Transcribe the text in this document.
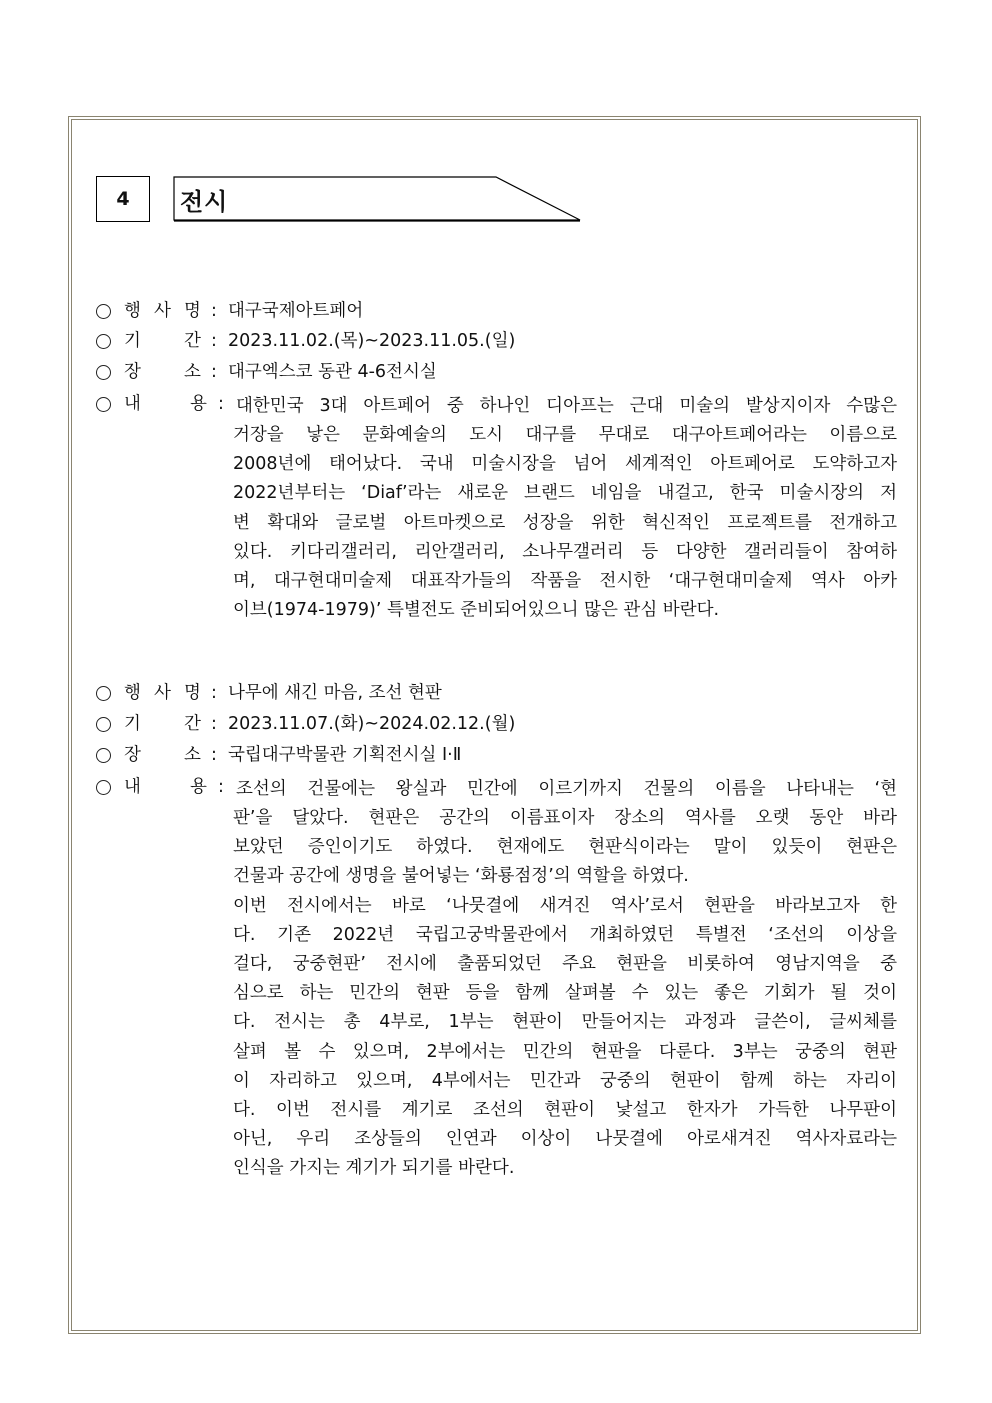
4 전시
행 사 명 : 대구국제아트페어
기 간 : 2023.11.02.(목)~2023.11.05.(일)
장 소 : 대구엑스코 동관 4-6전시실
내	용 : 대한민국 3대 아트페어 중 하나인 디아프는 근대 미술의 발상지이자 수많은
거장을 낳은 문화예술의 도시 대구를 무대로 대구아트페어라는 이름으로
2008년에 태어났다. 국내 미술시장을 넘어 세계적인 아트페어로 도약하고자
2022년부터는 ‘Diaf’라는 새로운 브랜드 네임을 내걸고, 한국 미술시장의 저
변 확대와 글로벌 아트마켓으로 성장을 위한 혁신적인 프로젝트를 전개하고
있다. 키다리갤러리, 리안갤러리, 소나무갤러리 등 다양한 갤러리들이 참여하
며, 대구현대미술제 대표작가들의 작품을 전시한 ‘대구현대미술제 역사 아카
이브(1974-1979)’ 특별전도 준비되어있으니 많은 관심 바란다.
행 사 명 : 나무에 새긴 마음, 조선 현판
기 간 : 2023.11.07.(화)~2024.02.12.(월)
장 소 : 국립대구박물관 기획전시실 Ⅰ·Ⅱ
내	용 : 조선의 건물에는 왕실과 민간에 이르기까지 건물의 이름을 나타내는 ‘현
판’을 달았다. 현판은 공간의 이름표이자 장소의 역사를 오랫 동안 바라
보았던 증인이기도 하였다. 현재에도 현판식이라는 말이 있듯이 현판은
건물과 공간에 생명을 불어넣는 ‘화룡점정’의 역할을 하였다.
이번 전시에서는 바로 ‘나뭇결에 새겨진 역사’로서 현판을 바라보고자 한
다. 기존 2022년 국립고궁박물관에서 개최하였던 특별전 ‘조선의 이상을
걸다, 궁중현판’ 전시에 출품되었던 주요 현판을 비롯하여 영남지역을 중
심으로 하는 민간의 현판 등을 함께 살펴볼 수 있는 좋은 기회가 될 것이
다. 전시는 총 4부로, 1부는 현판이 만들어지는 과정과 글쓴이, 글씨체를
살펴 볼 수 있으며, 2부에서는 민간의 현판을 다룬다. 3부는 궁중의 현판
이 자리하고 있으며, 4부에서는 민간과 궁중의 현판이 함께 하는 자리이
다. 이번 전시를 계기로 조선의 현판이 낯설고 한자가 가득한 나무판이
아닌, 우리 조상들의 인연과 이상이 나뭇결에 아로새겨진 역사자료라는
인식을 가지는 계기가 되기를 바란다.
